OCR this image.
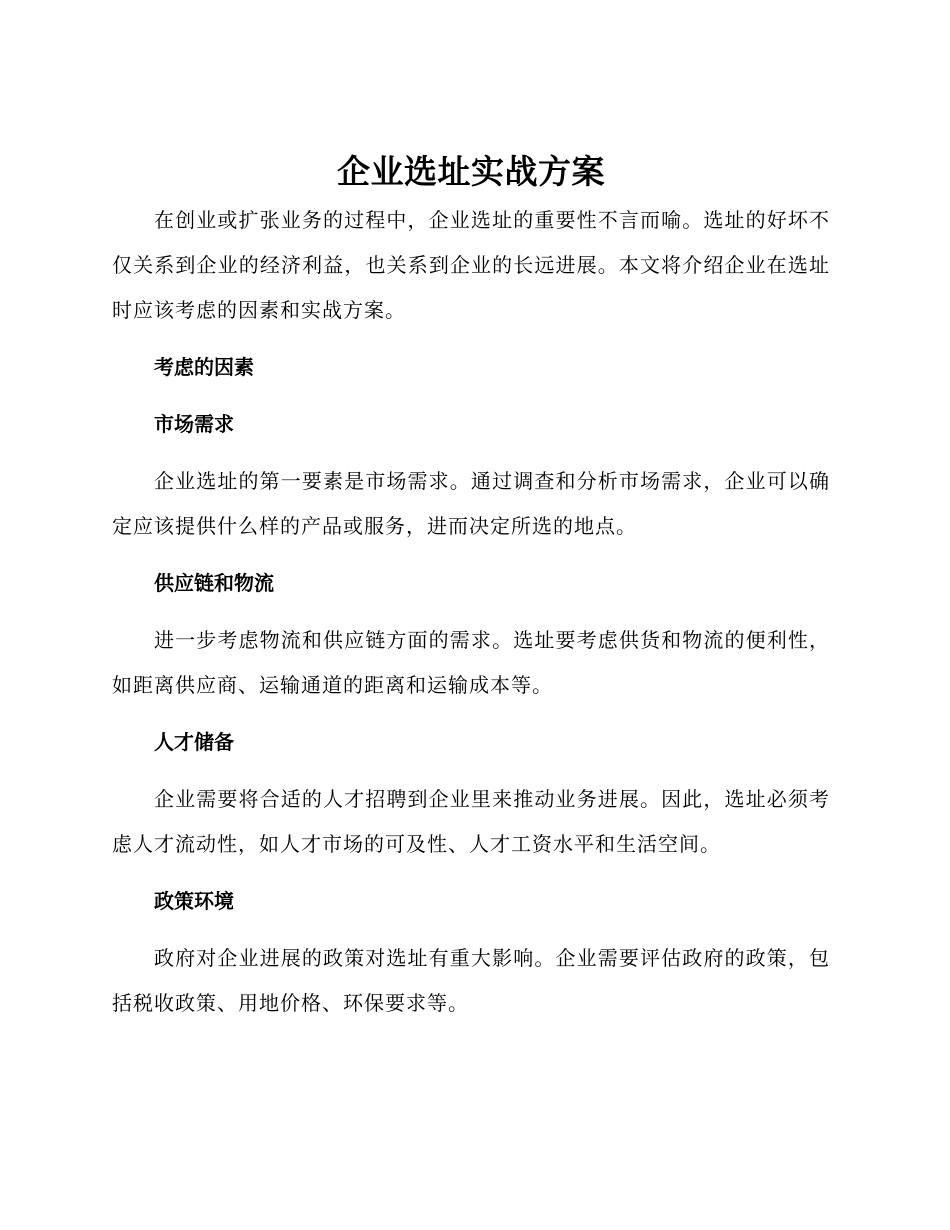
企业选址实战方案

在创业或扩张业务的过程中，企业选址的重要性不言而喻。选址的好坏不仅关系到企业的经济利益，也关系到企业的长远进展。本文将介绍企业在选址时应该考虑的因素和实战方案。

考虑的因素
市场需求

企业选址的第一要素是市场需求。通过调查和分析市场需求，企业可以确定应该提供什么样的产品或服务，进而决定所选的地点。

供应链和物流

进一步考虑物流和供应链方面的需求。选址要考虑供货和物流的便利性，如距离供应商、运输通道的距离和运输成本等。

人才储备

企业需要将合适的人才招聘到企业里来推动业务进展。因此，选址必须考虑人才流动性，如人才市场的可及性、人才工资水平和生活空间。

政策环境

政府对企业进展的政策对选址有重大影响。企业需要评估政府的政策，包括税收政策、用地价格、环保要求等。
